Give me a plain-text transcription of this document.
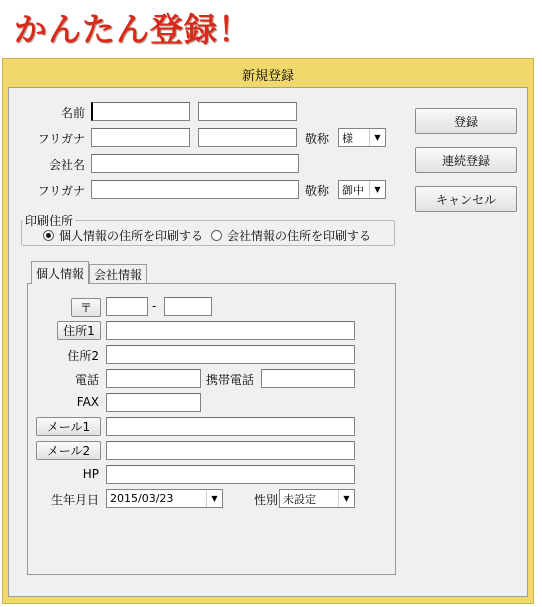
かんたん登録！
新規登録
名前
フリガナ	敬称 様	▼
会社名
フリガナ	敬称 御中	▼
登録
連続登録
キャンセル
印刷住所
個人情報の住所を印刷する 会社情報の住所を印刷する
個人情報 会社情報
〒	-
住所1
住所2
電話	携帯電話
FAX
メール1
メール2
HP
生年月日 2015/03/23	▼	性別 未設定	▼
